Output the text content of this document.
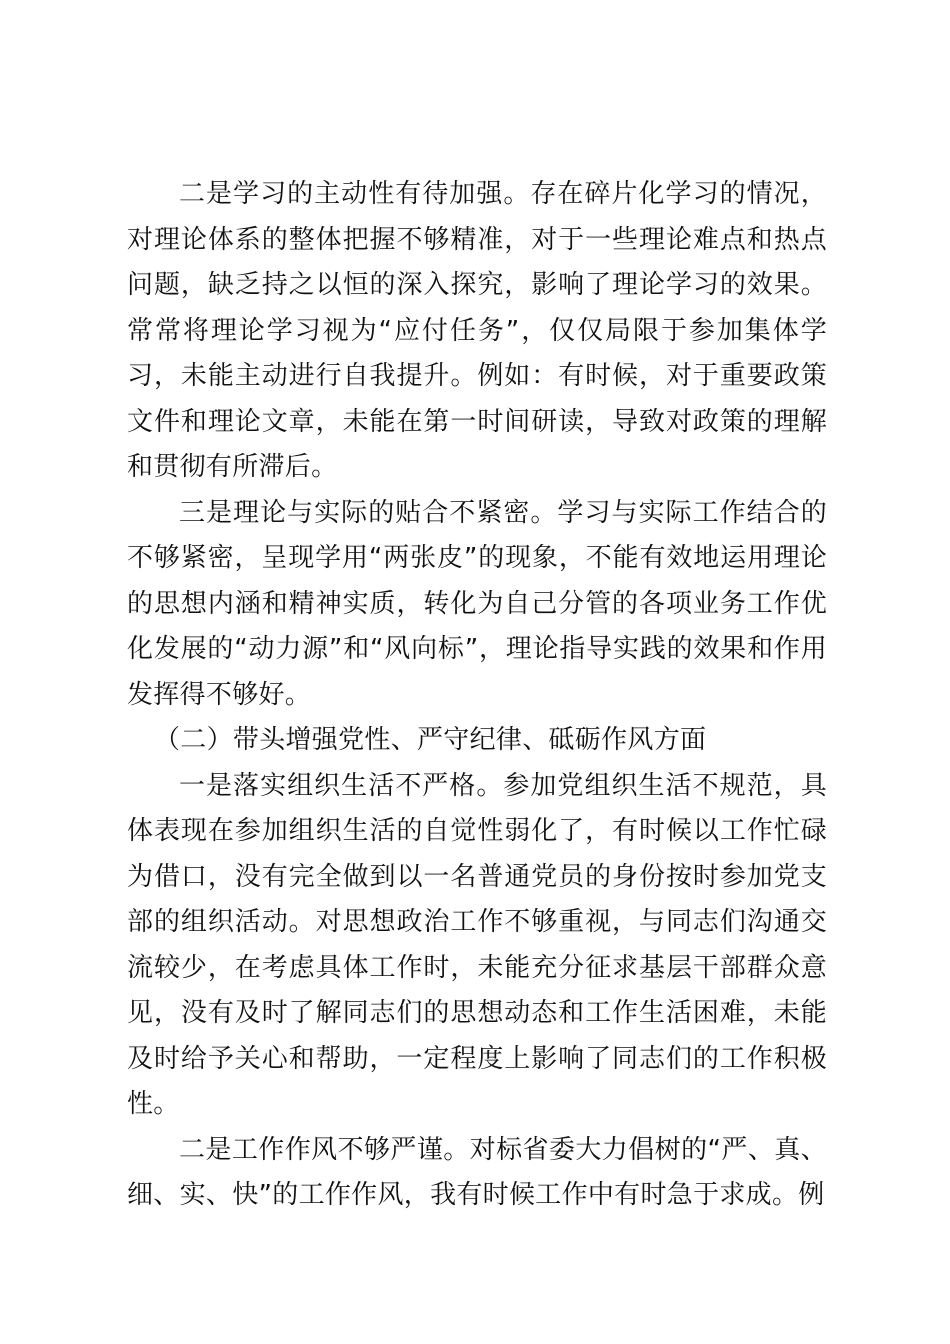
二是学习的主动性有待加强。存在碎片化学习的情况，对理论体系的整体把握不够精准，对于一些理论难点和热点问题，缺乏持之以恒的深入探究，影响了理论学习的效果。常常将理论学习视为“应付任务”，仅仅局限于参加集体学习，未能主动进行自我提升。例如：有时候，对于重要政策文件和理论文章，未能在第一时间研读，导致对政策的理解和贯彻有所滞后。

三是理论与实际的贴合不紧密。学习与实际工作结合的不够紧密，呈现学用“两张皮”的现象，不能有效地运用理论的思想内涵和精神实质，转化为自己分管的各项业务工作优化发展的“动力源”和“风向标”，理论指导实践的效果和作用发挥得不够好。

（二）带头增强党性、严守纪律、砥砺作风方面

一是落实组织生活不严格。参加党组织生活不规范，具体表现在参加组织生活的自觉性弱化了，有时候以工作忙碌为借口，没有完全做到以一名普通党员的身份按时参加党支部的组织活动。对思想政治工作不够重视，与同志们沟通交流较少，在考虑具体工作时，未能充分征求基层干部群众意见，没有及时了解同志们的思想动态和工作生活困难，未能及时给予关心和帮助，一定程度上影响了同志们的工作积极性。

二是工作作风不够严谨。对标省委大力倡树的“严、真、细、实、快”的工作作风，我有时候工作中有时急于求成。例
